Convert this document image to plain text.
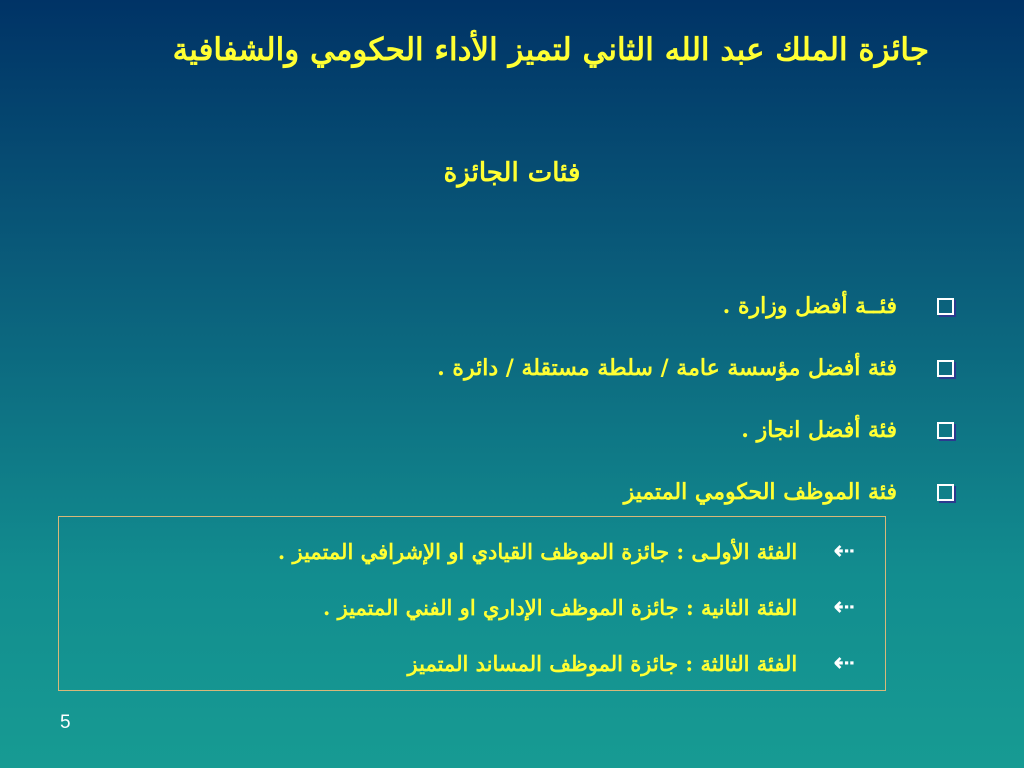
جائزة الملك عبد الله الثاني لتميز الأداء الحكومي والشفافية
فئات الجائزة
فئــة أفضل وزارة .
فئة أفضل مؤسسة عامة / سلطة مستقلة / دائرة .
فئة أفضل انجاز .
فئة الموظف الحكومي المتميز
⇠
الفئة الأولـى : جائزة الموظف القيادي او الإشرافي المتميز .
⇠
الفئة الثانية : جائزة الموظف الإداري او الفني المتميز .
⇠
الفئة الثالثة : جائزة الموظف المساند المتميز
5
